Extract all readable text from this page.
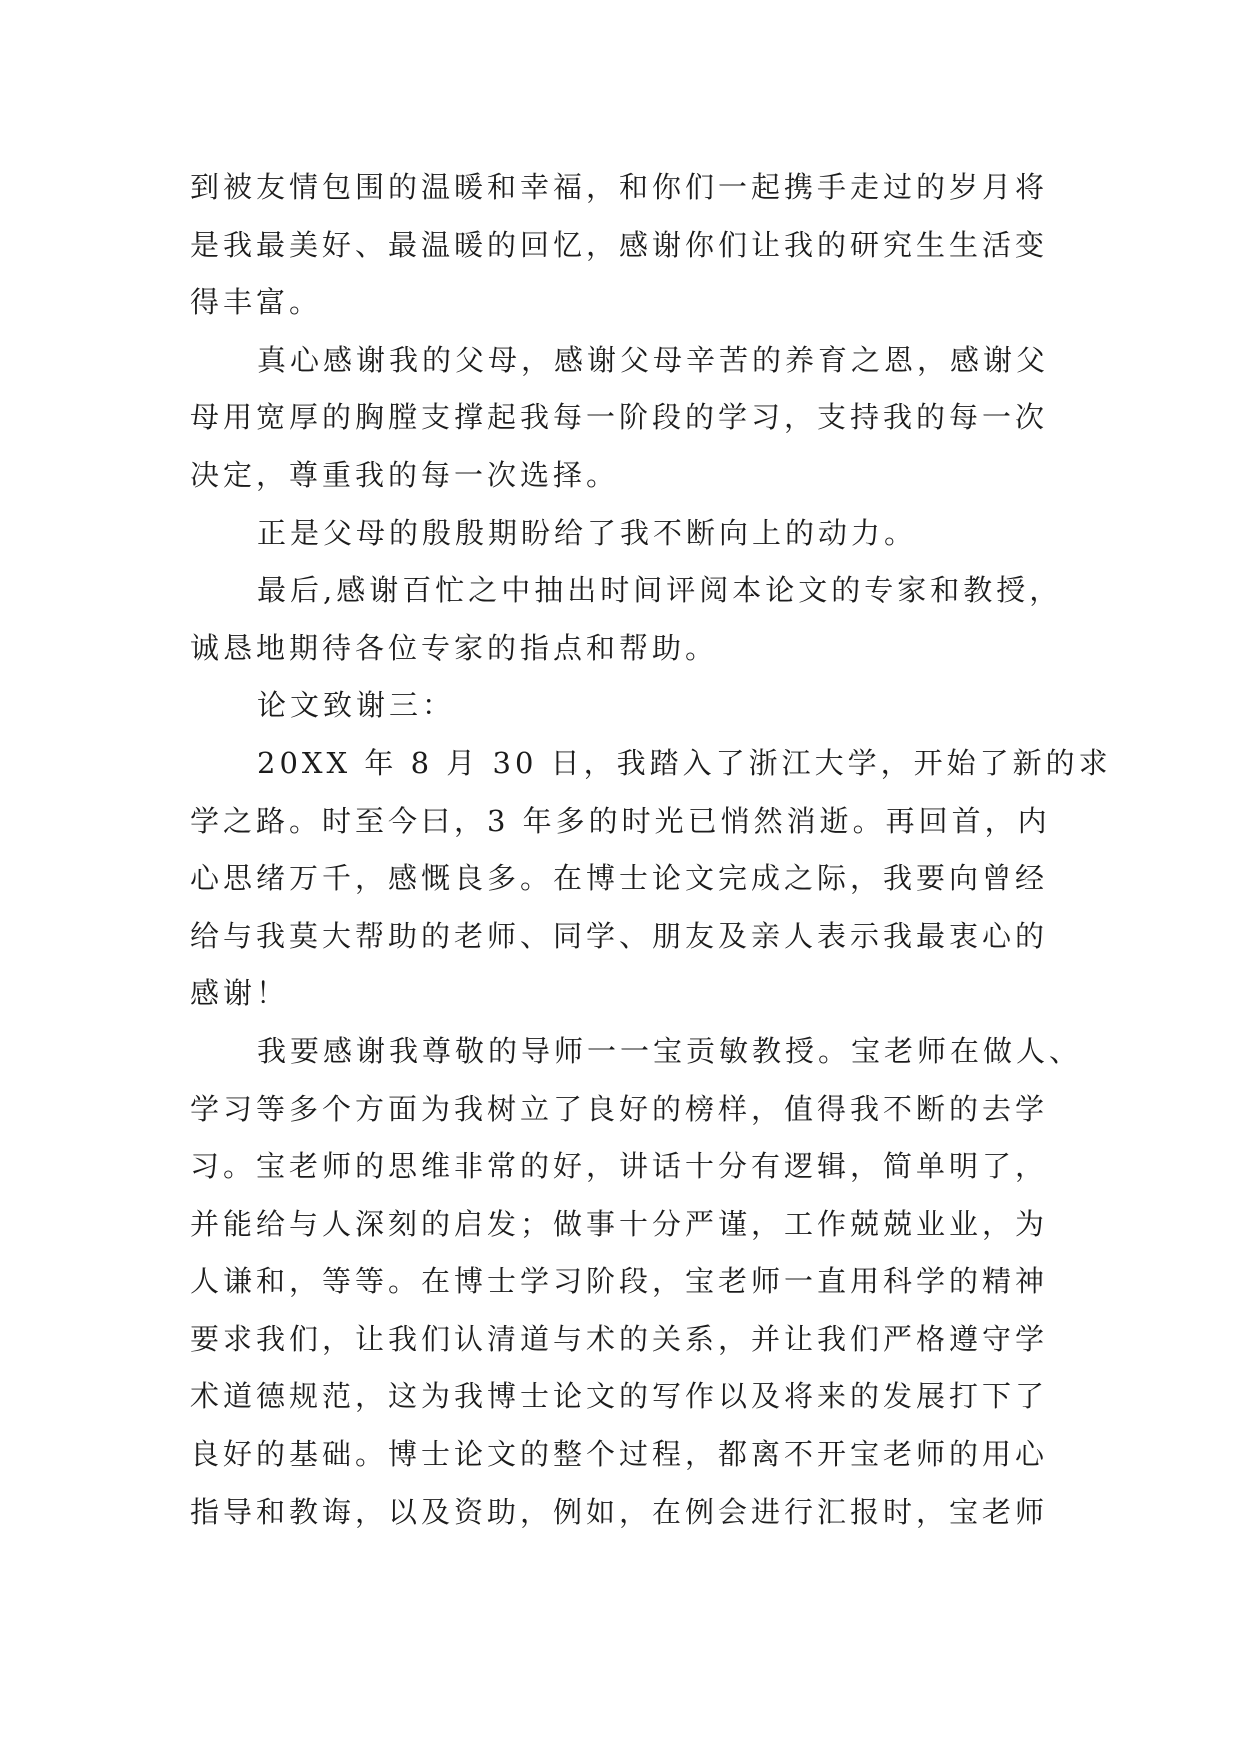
到被友情包围的温暖和幸福，和你们一起携手走过的岁月将
是我最美好、最温暖的回忆，感谢你们让我的研究生生活变
得丰富。
真心感谢我的父母，感谢父母辛苦的养育之恩，感谢父
母用宽厚的胸膛支撑起我每一阶段的学习，支持我的每一次
决定，尊重我的每一次选择。
正是父母的殷殷期盼给了我不断向上的动力。
最后,感谢百忙之中抽出时间评阅本论文的专家和教授，
诚恳地期待各位专家的指点和帮助。
论文致谢三：
20XX 年 8 月 30 日，我踏入了浙江大学，开始了新的求
学之路。时至今曰，3 年多的时光已悄然消逝。再回首，内
心思绪万千，感慨良多。在博士论文完成之际，我要向曾经
给与我莫大帮助的老师、同学、朋友及亲人表示我最衷心的
感谢！
我要感谢我尊敬的导师一一宝贡敏教授。宝老师在做人、
学习等多个方面为我树立了良好的榜样，值得我不断的去学
习。宝老师的思维非常的好，讲话十分有逻辑，简单明了，
并能给与人深刻的启发；做事十分严谨，工作兢兢业业，为
人谦和，等等。在博士学习阶段，宝老师一直用科学的精神
要求我们，让我们认清道与术的关系，并让我们严格遵守学
术道德规范，这为我博士论文的写作以及将来的发展打下了
良好的基础。博士论文的整个过程，都离不开宝老师的用心
指导和教诲，以及资助，例如，在例会进行汇报时，宝老师
